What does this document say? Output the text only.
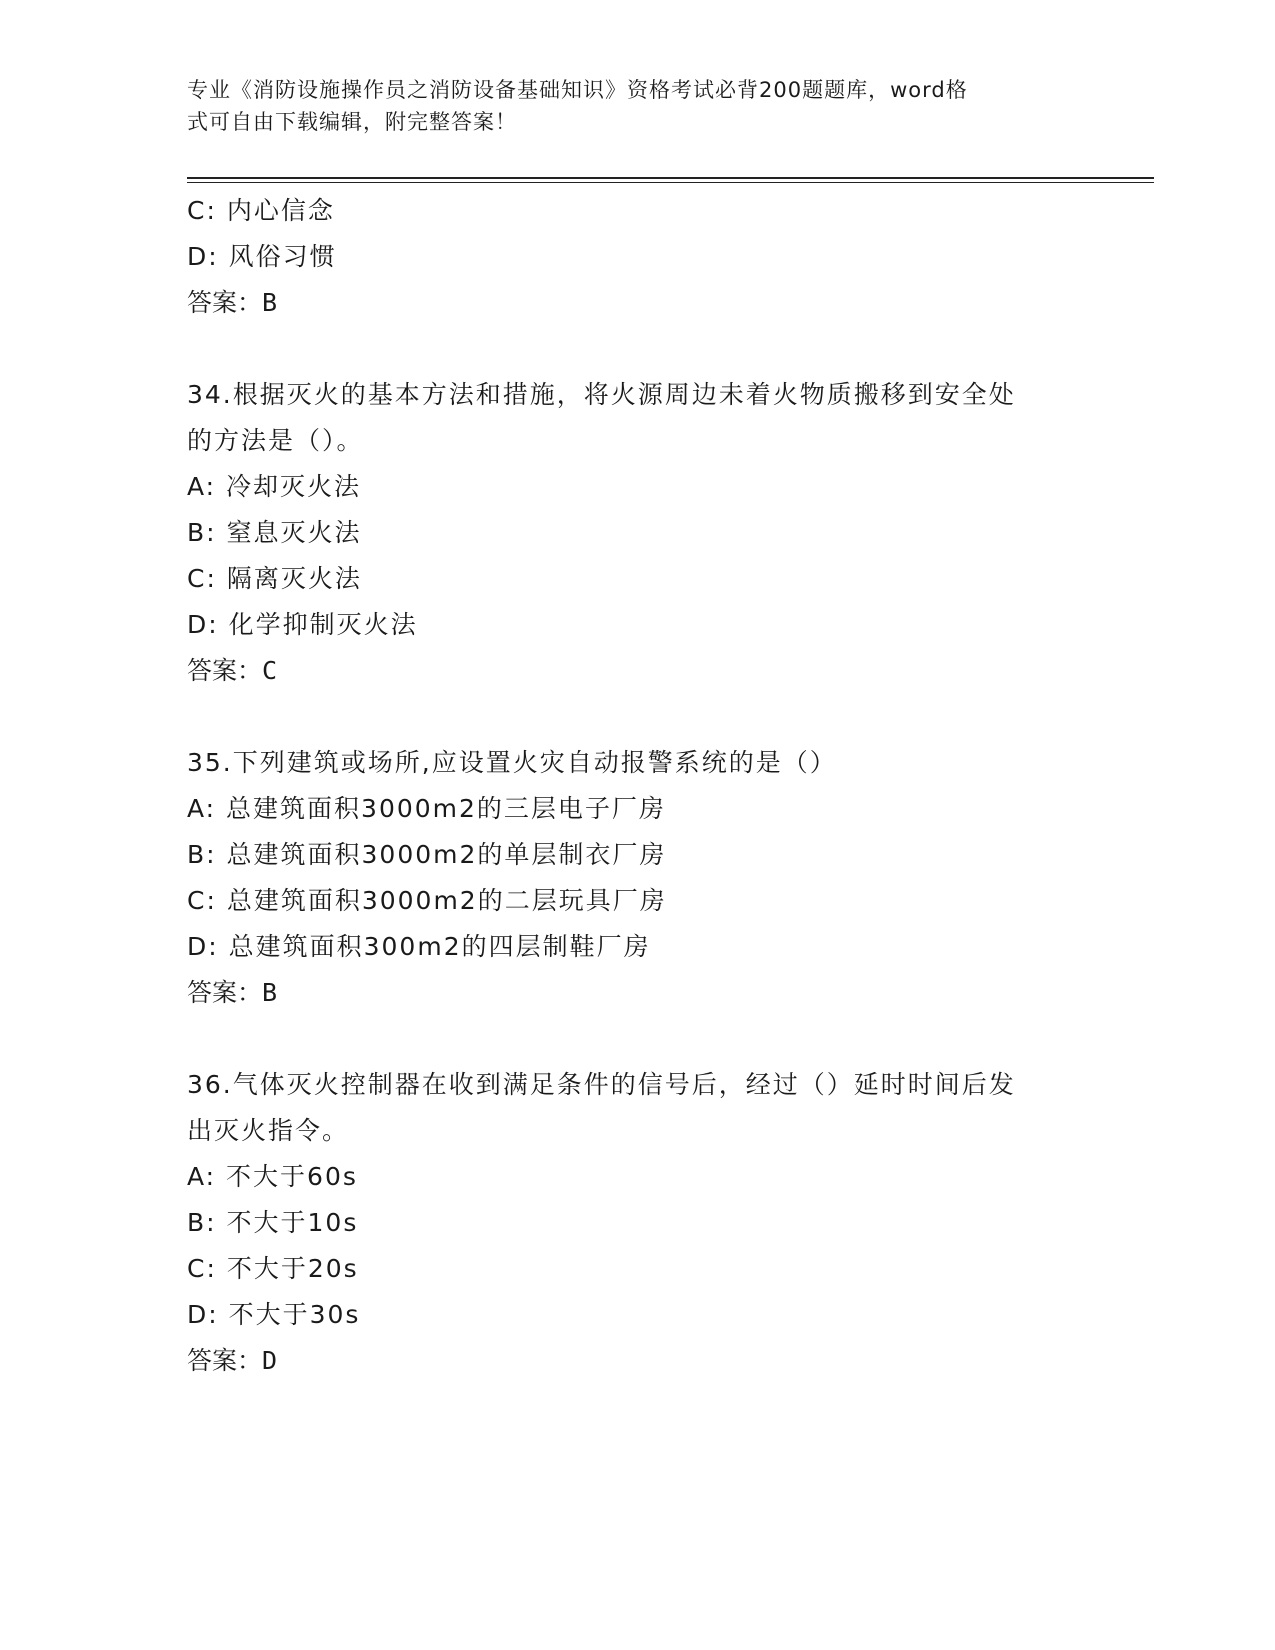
专业《消防设施操作员之消防设备基础知识》资格考试必背200题题库，word格
式可自由下载编辑，附完整答案！
C: 内心信念
D: 风俗习惯
答案：B
34.根据灭火的基本方法和措施，将火源周边未着火物质搬移到安全处
的方法是（）。
A: 冷却灭火法
B: 窒息灭火法
C: 隔离灭火法
D: 化学抑制灭火法
答案：C
35.下列建筑或场所,应设置火灾自动报警系统的是（）
A: 总建筑面积3000m2的三层电子厂房
B: 总建筑面积3000m2的单层制衣厂房
C: 总建筑面积3000m2的二层玩具厂房
D: 总建筑面积300m2的四层制鞋厂房
答案：B
36.气体灭火控制器在收到满足条件的信号后，经过（）延时时间后发
出灭火指令。
A: 不大于60s
B: 不大于10s
C: 不大于20s
D: 不大于30s
答案：D
